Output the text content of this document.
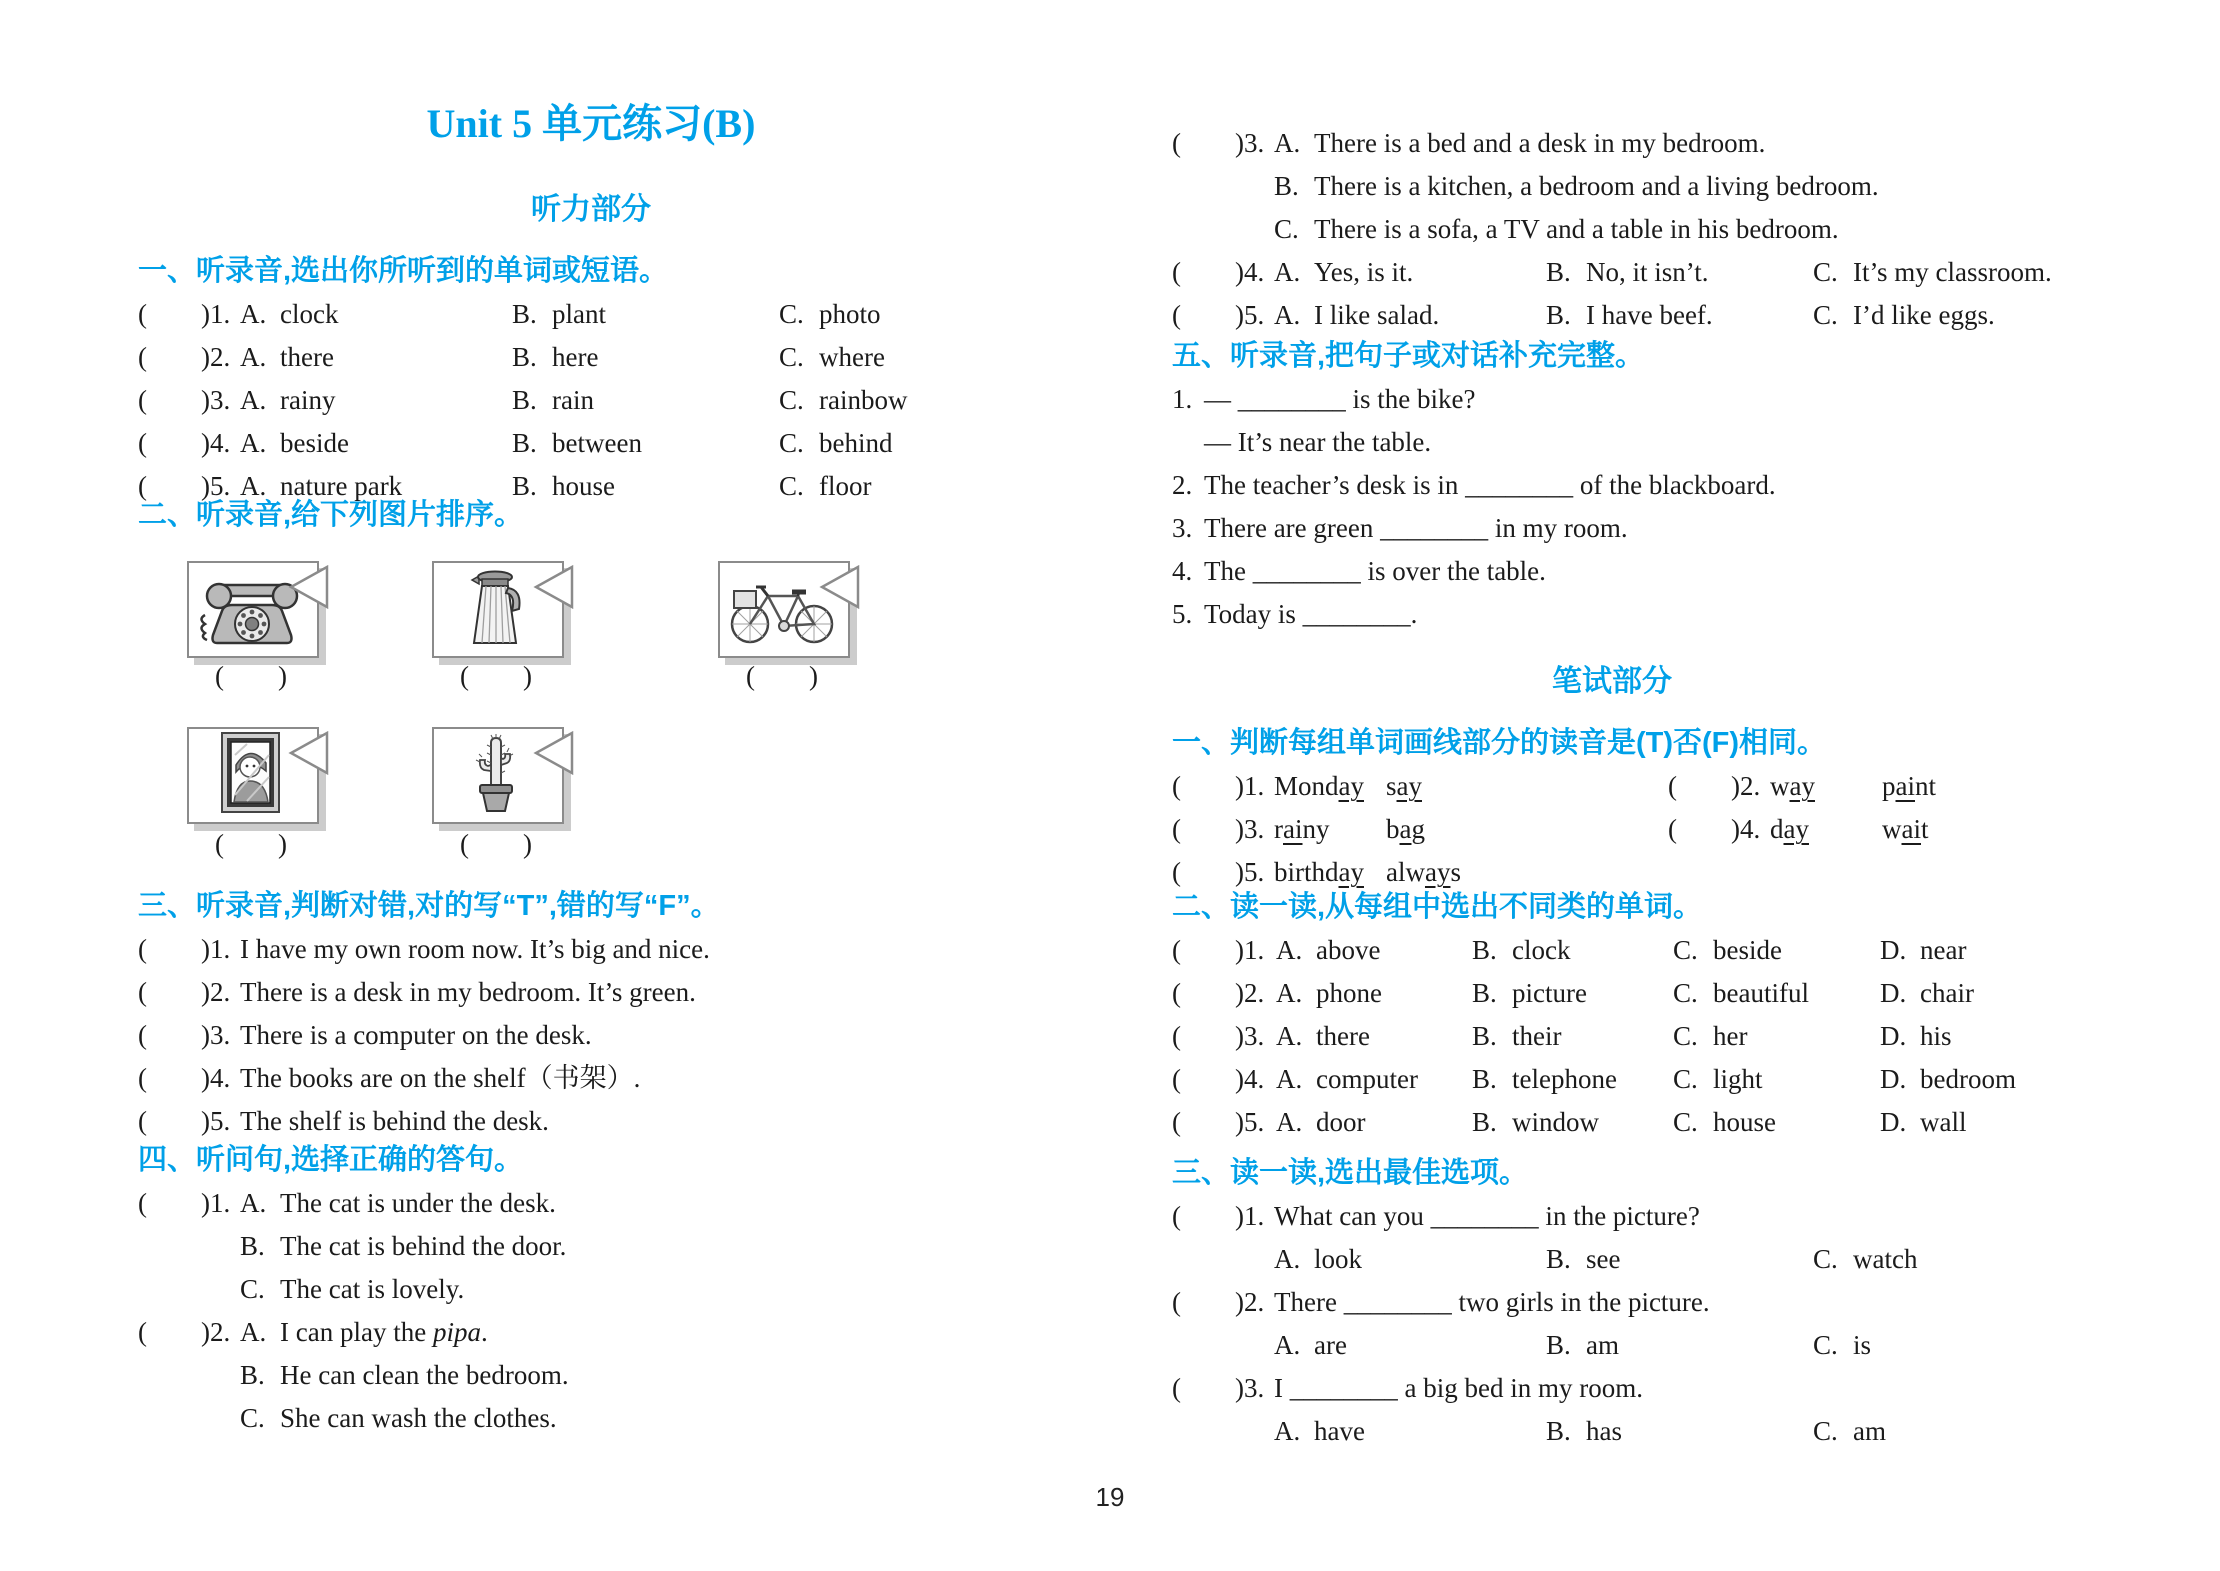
Unit 5 单元练习(B)
听力部分
一、听录音,选出你所听到的单词或短语。
(        )1. A. clock	B. plant	C. photo
(        )2. A. there	B. here	C. where
(        )3. A. rainy	B. rain	C. rainbow
(        )4. A. beside	B. between	C. behind
(        )5. A. nature park	B. house	C. floor
二、听录音,给下列图片排序。
(        )	(        )	(        )
(        )	(        )
三、听录音,判断对错,对的写“T”,错的写“F”。
(        )1. I have my own room now. It’s big and nice.
(        )2. There is a desk in my bedroom. It’s green.
(        )3. There is a computer on the desk.
(        )4. The books are on the shelf（书架）.
(        )5. The shelf is behind the desk.
四、听问句,选择正确的答句。
(        )1. A. The cat is under the desk.
B. The cat is behind the door.
C. The cat is lovely.
(        )2. A. I can play the pipa.
B. He can clean the bedroom.
C. She can wash the clothes.
(        )3. A. There is a bed and a desk in my bedroom.
B. There is a kitchen, a bedroom and a living bedroom.
C. There is a sofa, a TV and a table in his bedroom.
(        )4. A. Yes, is it.	B. No, it isn’t.	C. It’s my classroom.
(        )5. A. I like salad.	B. I have beef.	C. I’d like eggs.
五、听录音,把句子或对话补充完整。
1. — ________ is the bike?
— It’s near the table.
2. The teacher’s desk is in ________ of the blackboard.
3. There are green ________ in my room.
4. The ________ is over the table.
5. Today is ________.
笔试部分
一、判断每组单词画线部分的读音是(T)否(F)相同。
(        )1. Monday say	(        )2. way paint
(        )3. rainy bag	(        )4. day	wait
(        )5. birthday always
二、读一读,从每组中选出不同类的单词。
(        )1. A. above	B. clock	C. beside	D. near
(        )2. A. phone	B. picture	C. beautiful	D. chair
(        )3. A. there	B. their	C. her	D. his
(        )4. A. computer B. telephone C. light	D. bedroom
(        )5. A. door	B. window	C. house	D. wall
三、读一读,选出最佳选项。
(        )1. What can you ________ in the picture?
A. look	B. see	C. watch
(        )2. There ________ two girls in the picture.
A. are	B. am	C. is
(        )3. I ________ a big bed in my room.
A. have	B. has	C. am
19
